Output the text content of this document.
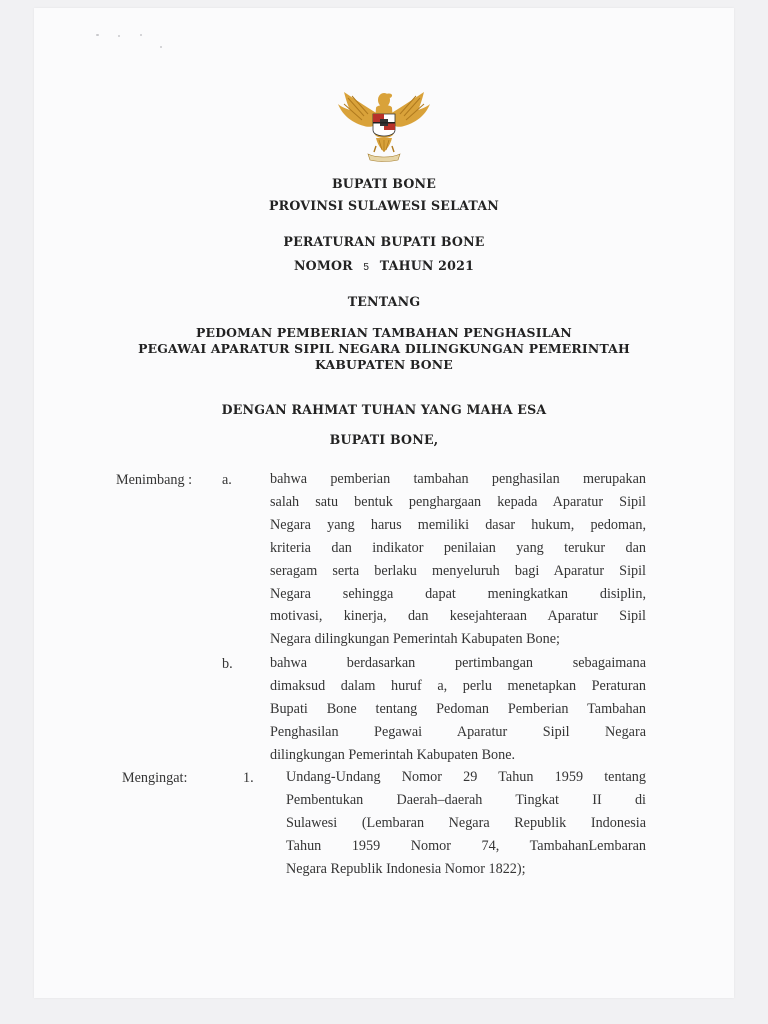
BUPATI BONE
PROVINSI SULAWESI SELATAN
PERATURAN BUPATI BONE
NOMOR 5 TAHUN 2021
TENTANG
PEDOMAN PEMBERIAN TAMBAHAN PENGHASILAN
PEGAWAI APARATUR SIPIL NEGARA DILINGKUNGAN PEMERINTAH
KABUPATEN BONE
DENGAN RAHMAT TUHAN YANG MAHA ESA
BUPATI BONE,
Menimbang : a.	bahwa pemberian tambahan penghasilan merupakan
salah satu bentuk penghargaan kepada Aparatur Sipil
Negara yang harus memiliki dasar hukum, pedoman,
kriteria dan indikator penilaian yang terukur dan
seragam serta berlaku menyeluruh bagi Aparatur Sipil
Negara sehingga dapat meningkatkan disiplin,
motivasi, kinerja, dan kesejahteraan Aparatur Sipil
Negara dilingkungan Pemerintah Kabupaten Bone;
b.	bahwa berdasarkan pertimbangan sebagaimana
dimaksud dalam huruf a, perlu menetapkan Peraturan
Bupati Bone tentang Pedoman Pemberian Tambahan
Penghasilan Pegawai Aparatur Sipil Negara
dilingkungan Pemerintah Kabupaten Bone.
Mengingat:	1. Undang-Undang Nomor 29 Tahun 1959 tentang
Pembentukan Daerah–daerah Tingkat II di
Sulawesi (Lembaran Negara Republik Indonesia
Tahun 1959 Nomor 74, TambahanLembaran
Negara Republik Indonesia Nomor 1822);
